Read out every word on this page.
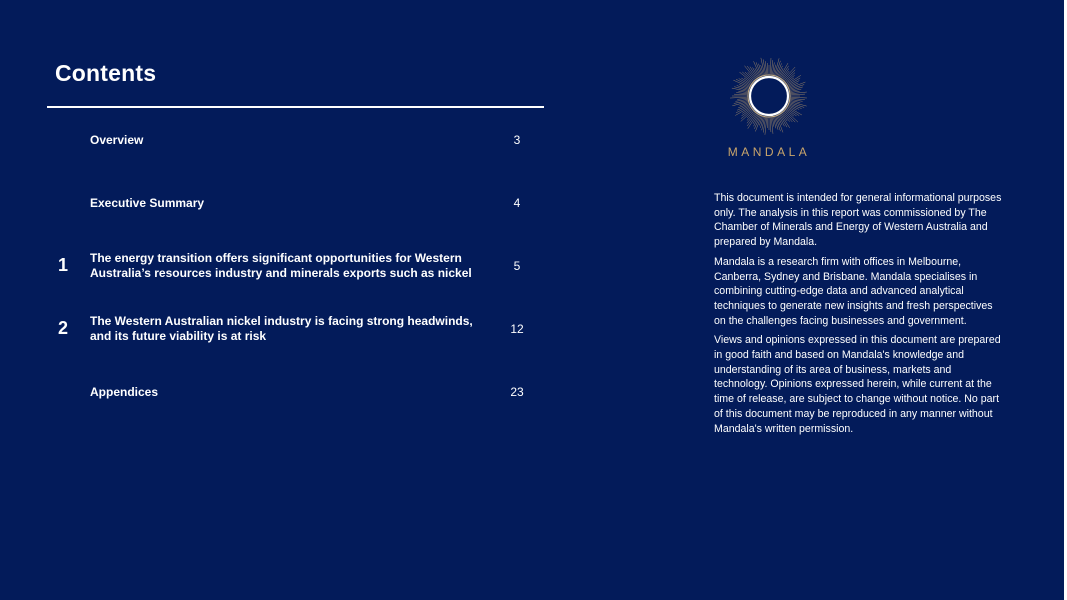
Contents
Overview	3
Executive Summary	4
1 The energy transition offers significant opportunities for Western Australia’s resources industry and minerals exports such as nickel	5
2 The Western Australian nickel industry is facing strong headwinds, and its future viability is at risk	12
Appendices	23
MANDALA

This document is intended for general informational purposes only. The analysis in this report was commissioned by The Chamber of Minerals and Energy of Western Australia and prepared by Mandala.

Mandala is a research firm with offices in Melbourne, Canberra, Sydney and Brisbane. Mandala specialises in combining cutting-edge data and advanced analytical techniques to generate new insights and fresh perspectives on the challenges facing businesses and government.

Views and opinions expressed in this document are prepared in good faith and based on Mandala's knowledge and understanding of its area of business, markets and technology. Opinions expressed herein, while current at the time of release, are subject to change without notice. No part of this document may be reproduced in any manner without Mandala's written permission.
